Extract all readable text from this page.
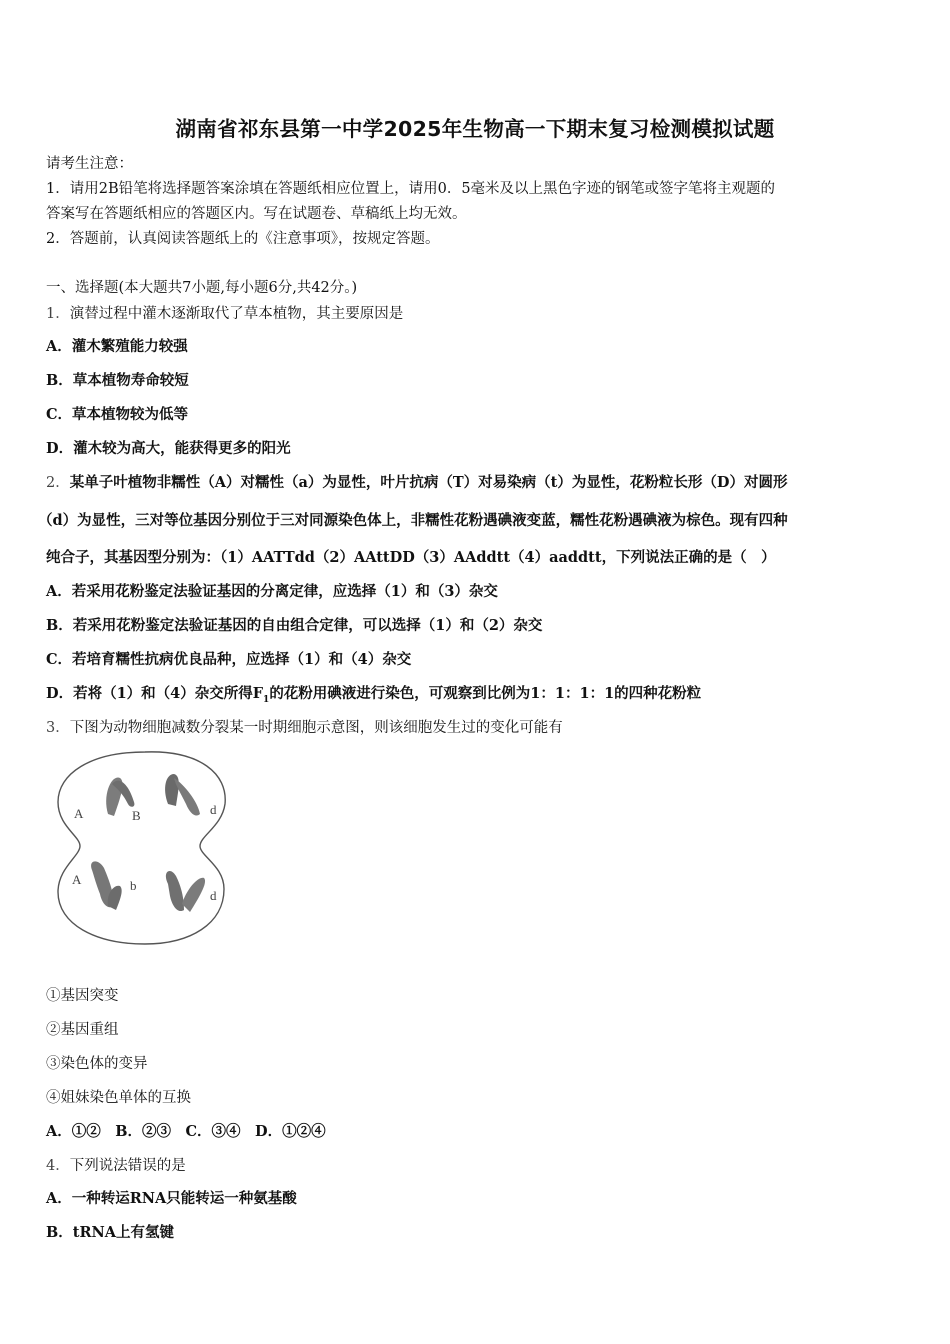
湖南省祁东县第一中学2025年生物高一下期末复习检测模拟试题
请考生注意：
1．请用2B铅笔将选择题答案涂填在答题纸相应位置上，请用0．5毫米及以上黑色字迹的钢笔或签字笔将主观题的
答案写在答题纸相应的答题区内。写在试题卷、草稿纸上均无效。
2．答题前，认真阅读答题纸上的《注意事项》，按规定答题。
一、选择题(本大题共7小题,每小题6分,共42分。)
1．演替过程中灌木逐渐取代了草本植物，其主要原因是
A．灌木繁殖能力较强
B．草本植物寿命较短
C．草本植物较为低等
D．灌木较为高大，能获得更多的阳光
2．某单子叶植物非糯性（A）对糯性（a）为显性，叶片抗病（T）对易染病（t）为显性，花粉粒长形（D）对圆形
（d）为显性，三对等位基因分别位于三对同源染色体上，非糯性花粉遇碘液变蓝，糯性花粉遇碘液为棕色。现有四种
纯合子，其基因型分别为：（1）AATTdd（2）AAttDD（3）AAddtt（4）aaddtt，下列说法正确的是（　）
A．若采用花粉鉴定法验证基因的分离定律，应选择（1）和（3）杂交
B．若采用花粉鉴定法验证基因的自由组合定律，可以选择（1）和（2）杂交
C．若培育糯性抗病优良品种，应选择（1）和（4）杂交
D．若将（1）和（4）杂交所得$F_1$的花粉用碘液进行染色，可观察到比例为1：1：1：1的四种花粉粒
3．下图为动物细胞减数分裂某一时期细胞示意图，则该细胞发生过的变化可能有
A	B	d
A	b
d
①基因突变
②基因重组
③染色体的变异
④姐妹染色单体的互换
A．①②　B．②③　C．③④　D．①②④
4．下列说法错误的是
A．一种转运RNA只能转运一种氨基酸
B．tRNA上有氢键
